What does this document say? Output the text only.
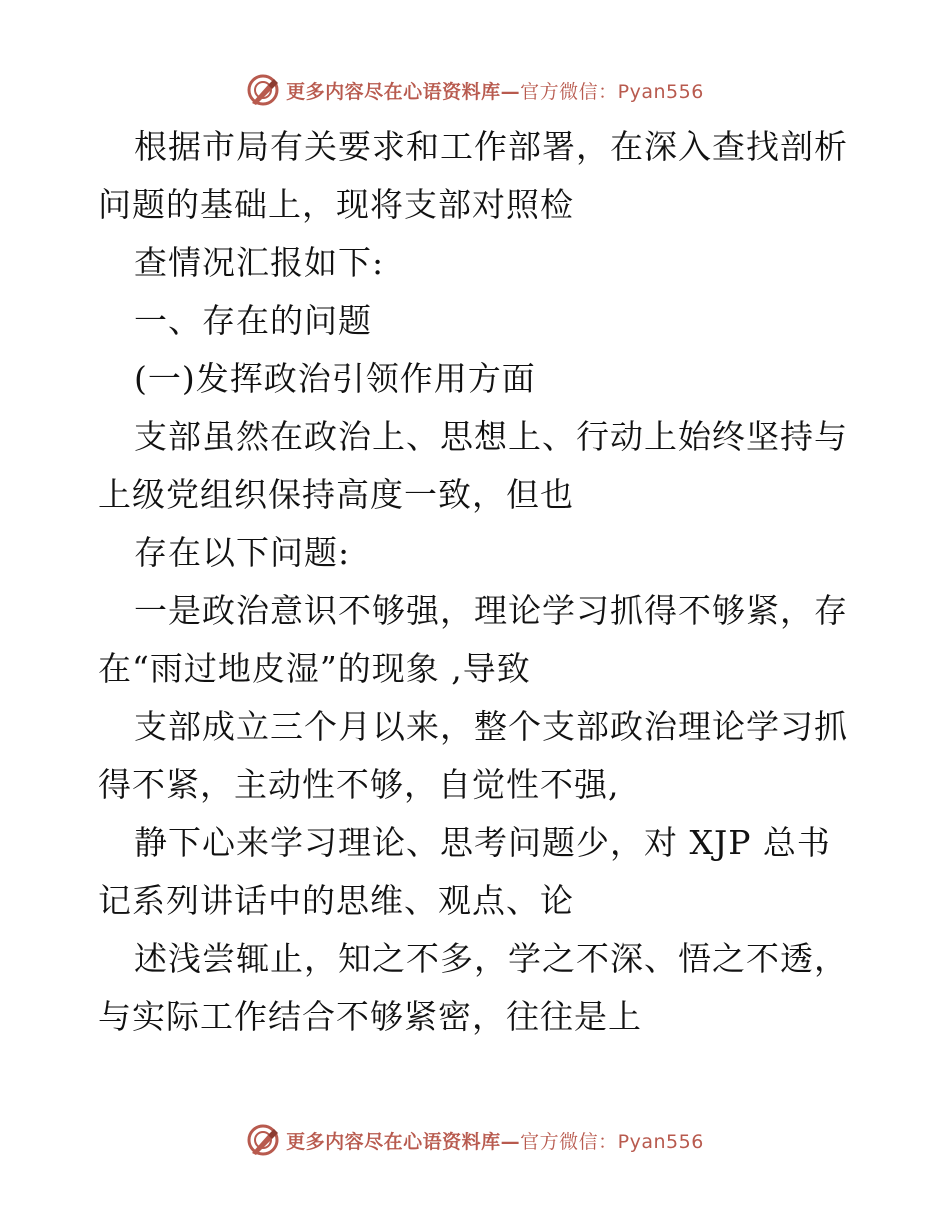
更多内容尽在心语资料库— 官方微信：Pyan556
根据市局有关要求和工作部署，在深入查找剖析
问题的基础上，现将支部对照检
查情况汇报如下:
一、存在的问题
(一)发挥政治引领作用方面
支部虽然在政治上、思想上、行动上始终坚持与
上级党组织保持高度一致，但也
存在以下问题:
一是政治意识不够强，理论学习抓得不够紧，存
在“雨过地皮湿”的现象 ,导致
支部成立三个月以来，整个支部政治理论学习抓
得不紧，主动性不够，自觉性不强,
静下心来学习理论、思考问题少，对 XJP 总书
记系列讲话中的思维、观点、论
述浅尝辄止，知之不多，学之不深、悟之不透，
与实际工作结合不够紧密，往往是上
更多内容尽在心语资料库— 官方微信：Pyan556
